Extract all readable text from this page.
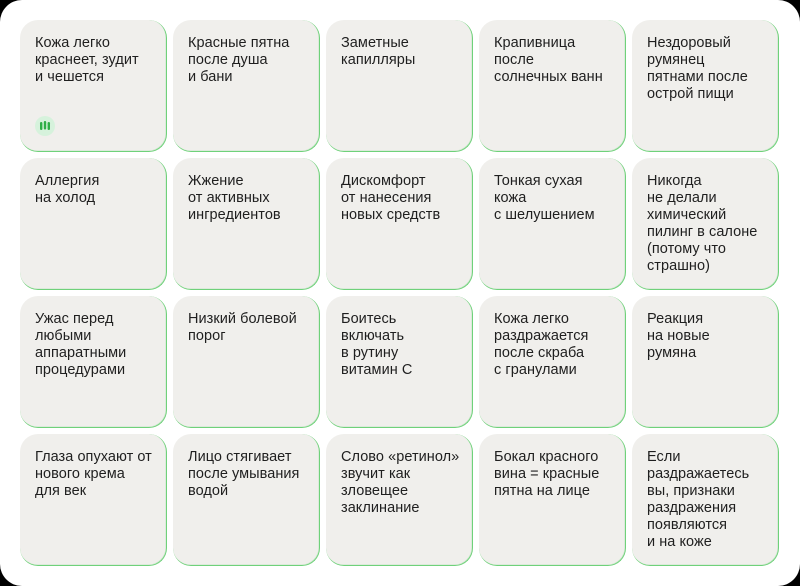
Кожа легко
краснеет, зудит
и чешется
Красные пятна
после душа
и бани
Заметные
капилляры
Крапивница
после
солнечных ванн
Нездоровый
румянец
пятнами после
острой пищи
Аллергия
на холод
Жжение
от активных
ингредиентов
Дискомфорт
от нанесения
новых средств
Тонкая сухая
кожа
с шелушением
Никогда
не делали
химический
пилинг в салоне
(потому что
страшно)
Ужас перед
любыми
аппаратными
процедурами
Низкий болевой
порог
Боитесь
включать
в рутину
витамин С
Кожа легко
раздражается
после скраба
с гранулами
Реакция
на новые
румяна
Глаза опухают от
нового крема
для век
Лицо стягивает
после умывания
водой
Слово «ретинол»
звучит как
зловещее
заклинание
Бокал красного
вина = красные
пятна на лице
Если
раздражаетесь
вы, признаки
раздражения
появляются
и на коже
